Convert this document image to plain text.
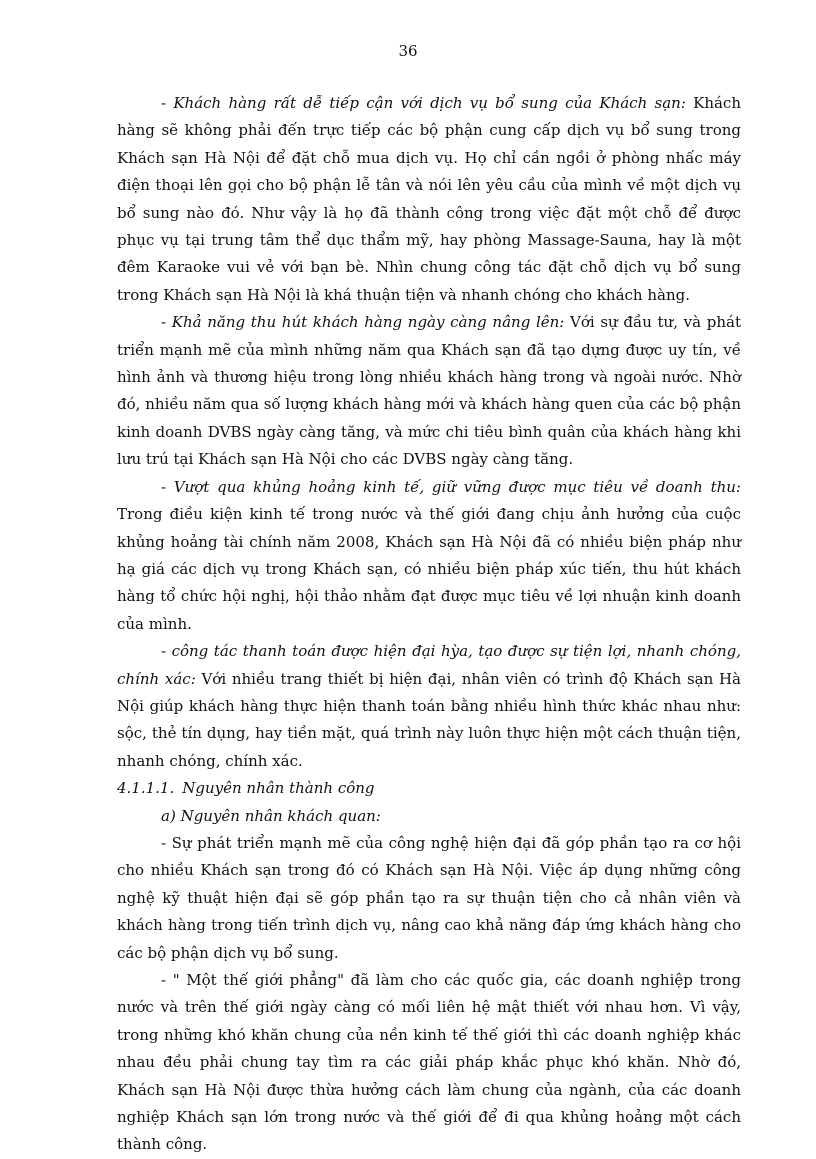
36

- Khách hàng rất dễ tiếp cận với dịch vụ bổ sung của Khách sạn: Khách hàng sẽ không phải đến trực tiếp các bộ phận cung cấp dịch vụ bổ sung trong Khách sạn Hà Nội để đặt chỗ mua dịch vụ. Họ chỉ cần ngồi ở phòng nhấc máy điện thoại lên gọi cho bộ phận lễ tân và nói lên yêu cầu của mình về một dịch vụ bổ sung nào đó. Như vậy là họ đã thành công trong việc đặt một chỗ để được phục vụ tại trung tâm thể dục thẩm mỹ, hay phòng Massage-Sauna, hay là một đêm Karaoke vui vẻ với bạn bè. Nhìn chung công tác đặt chỗ dịch vụ bổ sung trong Khách sạn Hà Nội là khá thuận tiện và nhanh chóng cho khách hàng.

- Khả năng thu hút khách hàng ngày càng nâng lên: Với sự đầu tư, và phát triển mạnh mẽ của mình những năm qua Khách sạn đã tạo dựng được uy tín, về hình ảnh và thương hiệu trong lòng nhiều khách hàng trong và ngoài nước. Nhờ đó, nhiều năm qua số lượng khách hàng mới và khách hàng quen của các bộ phận kinh doanh DVBS ngày càng tăng, và mức chi tiêu bình quân của khách hàng khi lưu trú tại Khách sạn Hà Nội cho các DVBS ngày càng tăng.

- Vượt qua khủng hoảng kinh tế, giữ vững được mục tiêu về doanh thu: Trong điều kiện kinh tế trong nước và thế giới đang chịu ảnh hưởng của cuộc khủng hoảng tài chính năm 2008, Khách sạn Hà Nội đã có nhiều biện pháp như hạ giá các dịch vụ trong Khách sạn, có nhiều biện pháp xúc tiến, thu hút khách hàng tổ chức hội nghị, hội thảo nhằm đạt được mục tiêu về lợi nhuận kinh doanh của mình.

- công tác thanh toán được hiện đại hỳa, tạo được sự tiện lợi, nhanh chóng, chính xác: Với nhiều trang thiết bị hiện đại, nhân viên có trình độ Khách sạn Hà Nội giúp khách hàng thực hiện thanh toán bằng nhiều hình thức khác nhau như: sộc, thẻ tín dụng, hay tiền mặt, quá trình này luôn thực hiện một cách thuận tiện, nhanh chóng, chính xác.

4.1.1.1. Nguyên nhân thành công
a) Nguyên nhân khách quan:

- Sự phát triển mạnh mẽ của công nghệ hiện đại đã góp phần tạo ra cơ hội cho nhiều Khách sạn trong đó có Khách sạn Hà Nội. Việc áp dụng những công nghệ kỹ thuật hiện đại sẽ góp phần tạo ra sự thuận tiện cho cả nhân viên và khách hàng trong tiến trình dịch vụ, nâng cao khả năng đáp ứng khách hàng cho các bộ phận dịch vụ bổ sung.

- " Một thế giới phẳng" đã làm cho các quốc gia, các doanh nghiệp trong nước và trên thế giới ngày càng có mối liên hệ mật thiết với nhau hơn. Vì vậy, trong những khó khăn chung của nền kinh tế thế giới thì các doanh nghiệp khác nhau đều phải chung tay tìm ra các giải pháp khắc phục khó khăn. Nhờ đó, Khách sạn Hà Nội được thừa hưởng cách làm chung của ngành, của các doanh nghiệp Khách sạn lớn trong nước và thế giới để đi qua khủng hoảng một cách thành công.
